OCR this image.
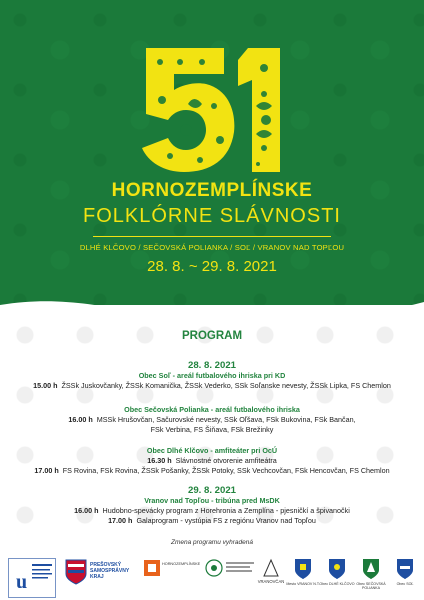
HORNOZEMPLÍNSKE
FOLKLÓRNE SLÁVNOSTI
DLHÉ KLČOVO / SEČOVSKÁ POLIANKA / SOĽ / VRANOV NAD TOPĽOU
28. 8. ~ 29. 8. 2021
PROGRAM
28. 8. 2021
Obec Soľ - areál futbalového ihriska pri KD
15.00 h ŽSSk Juskovčanky, ŽSSk Komanička, ŽSSk Vederko, SSk Soľanske nevesty, ŽSSk Lipka, FS Chemlon
Obec Sečovská Polianka - areál futbalového ihriska
16.00 h MSSk Hrušovčan, Sačurovské nevesty, SSk Oľšava, FSk Bukovina, FSk Bančan,
FSk Verbina, FS Šiňava, FSk Brežinky
Obec Dlhé Klčovo - amfiteáter pri OcÚ
16.30 h Slávnostné otvorenie amfiteátra
17.00 h FS Rovina, FSk Rovina, ŽSSk Pošanky, ŽSSk Potoky, SSk Vechcovčan, FSk Hencovčan, FS Chemlon
29. 8. 2021
Vranov nad Topľou - tribúna pred MsDK
16.00 h Hudobno-spevácky program z Horehronia a Zemplína - pjesničkí a špivanočki
17.00 h Galaprogram - vystúpia FS z regiónu Vranov nad Topľou
Zmena programu vyhradená
u
PREŠOVSKÝ SAMOSPRÁVNY KRAJ
HORNOZEMPLÍNSKE
VRANOVČAN Mesto VRANOV N.T. Obec DLHÉ KLČOVO Obec SEČOVSKÁ POLIANKA
Obec SOĽ
